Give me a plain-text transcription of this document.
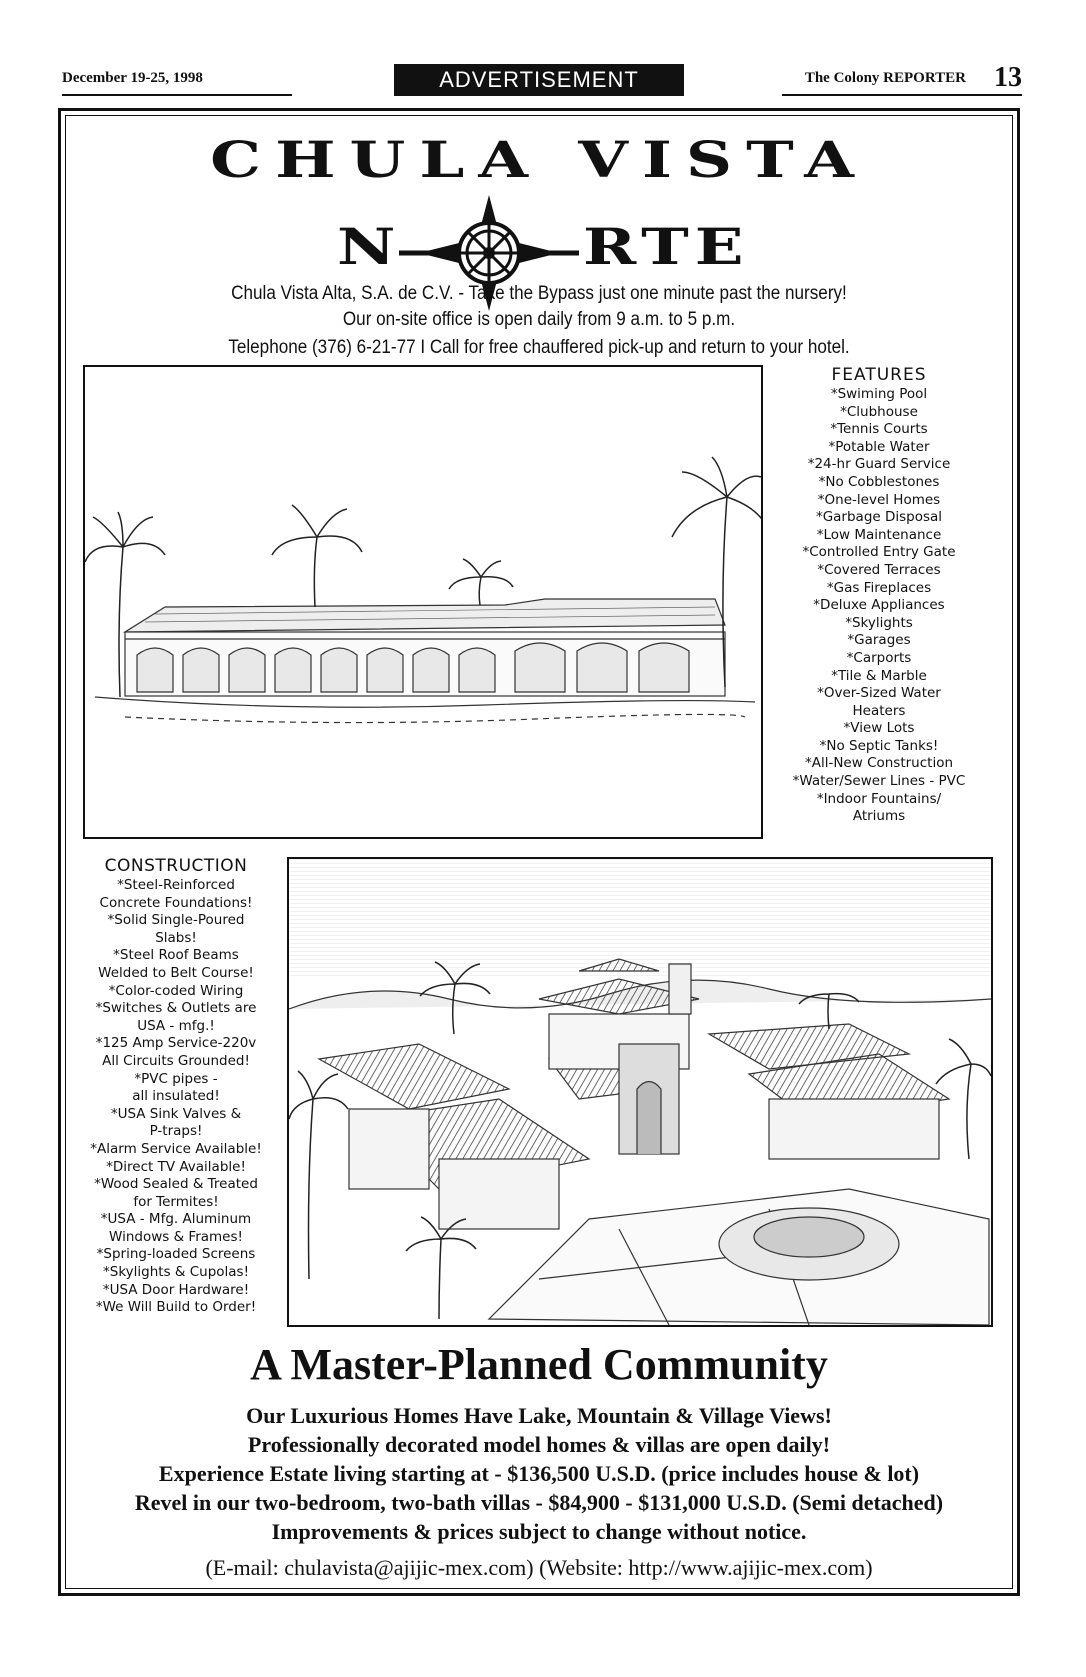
December 19-25, 1998	ADVERTISEMENT	The Colony REPORTER 13
CHULA VISTA
N	RTE
Chula Vista Alta, S.A. de C.V. - Take the Bypass just one minute past the nursery!
Our on-site office is open daily from 9 a.m. to 5 p.m.
Telephone (376) 6-21-77 I Call for free chauffered pick-up and return to your hotel.
FEATURES
*Swiming Pool
*Clubhouse
*Tennis Courts
*Potable Water
*24-hr Guard Service
*No Cobblestones
*One-level Homes
*Garbage Disposal
*Low Maintenance
*Controlled Entry Gate
*Covered Terraces
*Gas Fireplaces
*Deluxe Appliances
*Skylights
*Garages
*Carports
*Tile & Marble
*Over-Sized Water
Heaters
*View Lots
*No Septic Tanks!
*All-New Construction
*Water/Sewer Lines - PVC
*Indoor Fountains/
Atriums
CONSTRUCTION
*Steel-Reinforced
Concrete Foundations!
*Solid Single-Poured
Slabs!
*Steel Roof Beams
Welded to Belt Course!
*Color-coded Wiring
*Switches & Outlets are
USA - mfg.!
*125 Amp Service-220v
All Circuits Grounded!
*PVC pipes -
all insulated!
*USA Sink Valves &
P-traps!
*Alarm Service Available!
*Direct TV Available!
*Wood Sealed & Treated
for Termites!
*USA - Mfg. Aluminum
Windows & Frames!
*Spring-loaded Screens
*Skylights & Cupolas!
*USA Door Hardware!
*We Will Build to Order!
A Master-Planned Community
Our Luxurious Homes Have Lake, Mountain & Village Views!
Professionally decorated model homes & villas are open daily!
Experience Estate living starting at - $136,500 U.S.D. (price includes house & lot)
Revel in our two-bedroom, two-bath villas - $84,900 - $131,000 U.S.D. (Semi detached)
Improvements & prices subject to change without notice.
(E-mail: chulavista@ajijic-mex.com) (Website: http://www.ajijic-mex.com)
